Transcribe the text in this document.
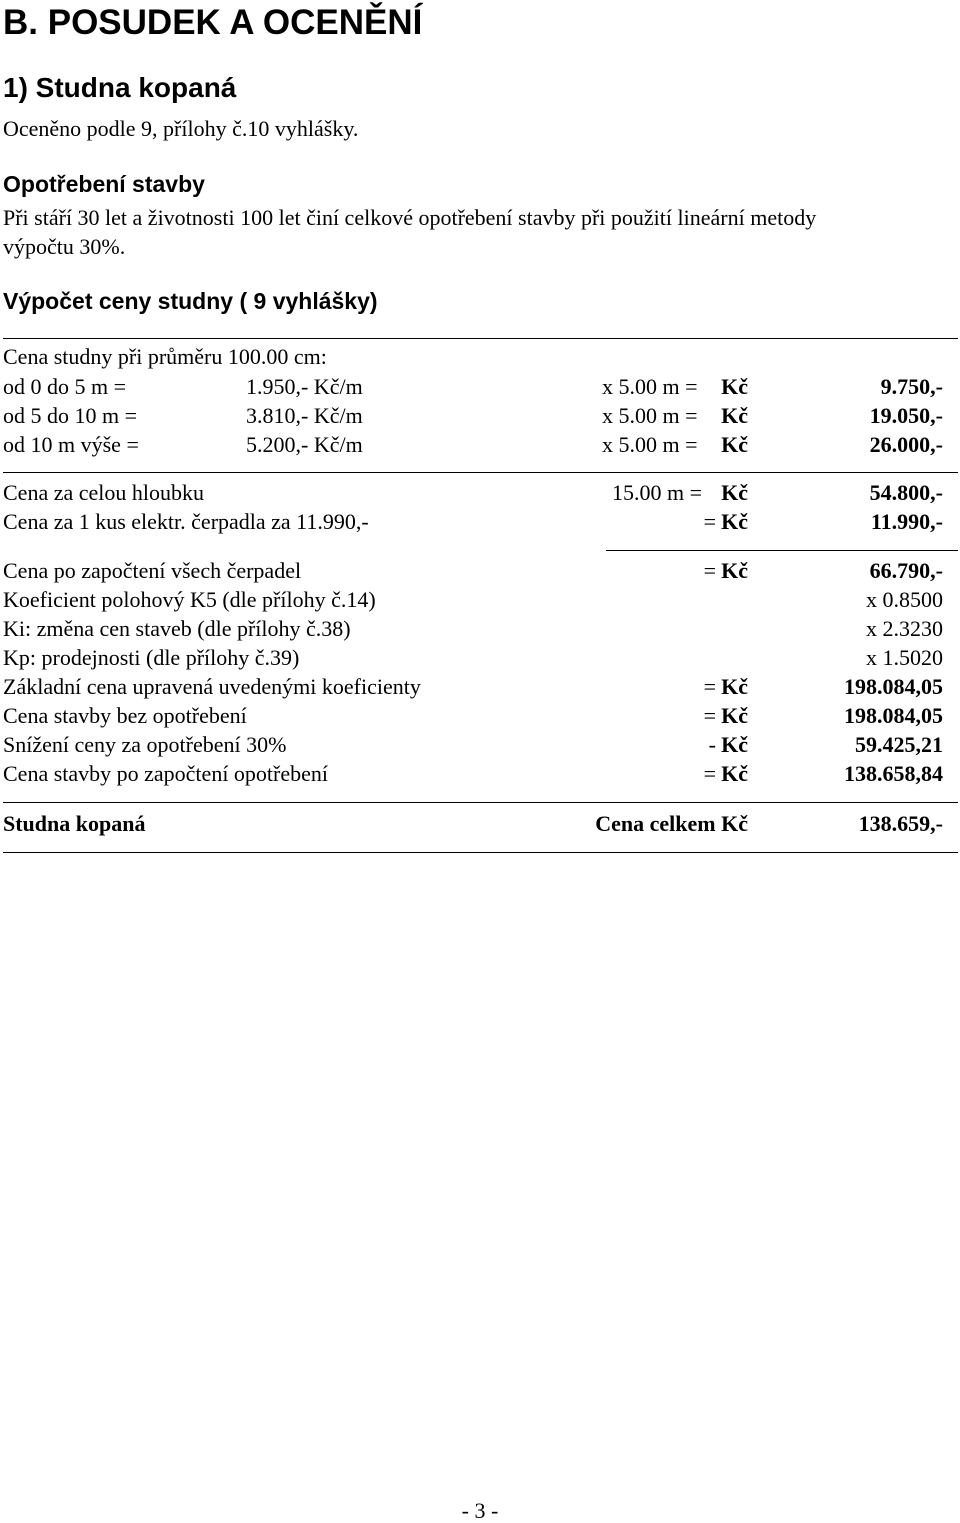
B. POSUDEK A OCENĚNÍ
1) Studna kopaná
Oceněno podle 9, přílohy č.10 vyhlášky.
Opotřebení stavby
Při stáří 30 let a životnosti 100 let činí celkové opotřebení stavby při použití lineární metody
výpočtu 30%.
Výpočet ceny studny ( 9 vyhlášky)
Cena studny při průměru 100.00 cm:
od 0 do 5 m =	1.950,- Kč/m	x 5.00 m = Kč	9.750,-
od 5 do 10 m =	3.810,- Kč/m	x 5.00 m = Kč	19.050,-
od 10 m výše =	5.200,- Kč/m	x 5.00 m = Kč	26.000,-
Cena za celou hloubku	15.00 m = Kč	54.800,-
Cena za 1 kus elektr. čerpadla za 11.990,-	= Kč	11.990,-
Cena po započtení všech čerpadel	= Kč	66.790,-
Koeficient polohový K5 (dle přílohy č.14)	x 0.8500
Ki: změna cen staveb (dle přílohy č.38)	x 2.3230
Kp: prodejnosti (dle přílohy č.39)	x 1.5020
Základní cena upravená uvedenými koeficienty	= Kč	198.084,05
Cena stavby bez opotřebení	= Kč	198.084,05
Snížení ceny za opotřebení 30%	- Kč	59.425,21
Cena stavby po započtení opotřebení	= Kč	138.658,84
Studna kopaná	Cena celkem Kč	138.659,-
- 3 -
